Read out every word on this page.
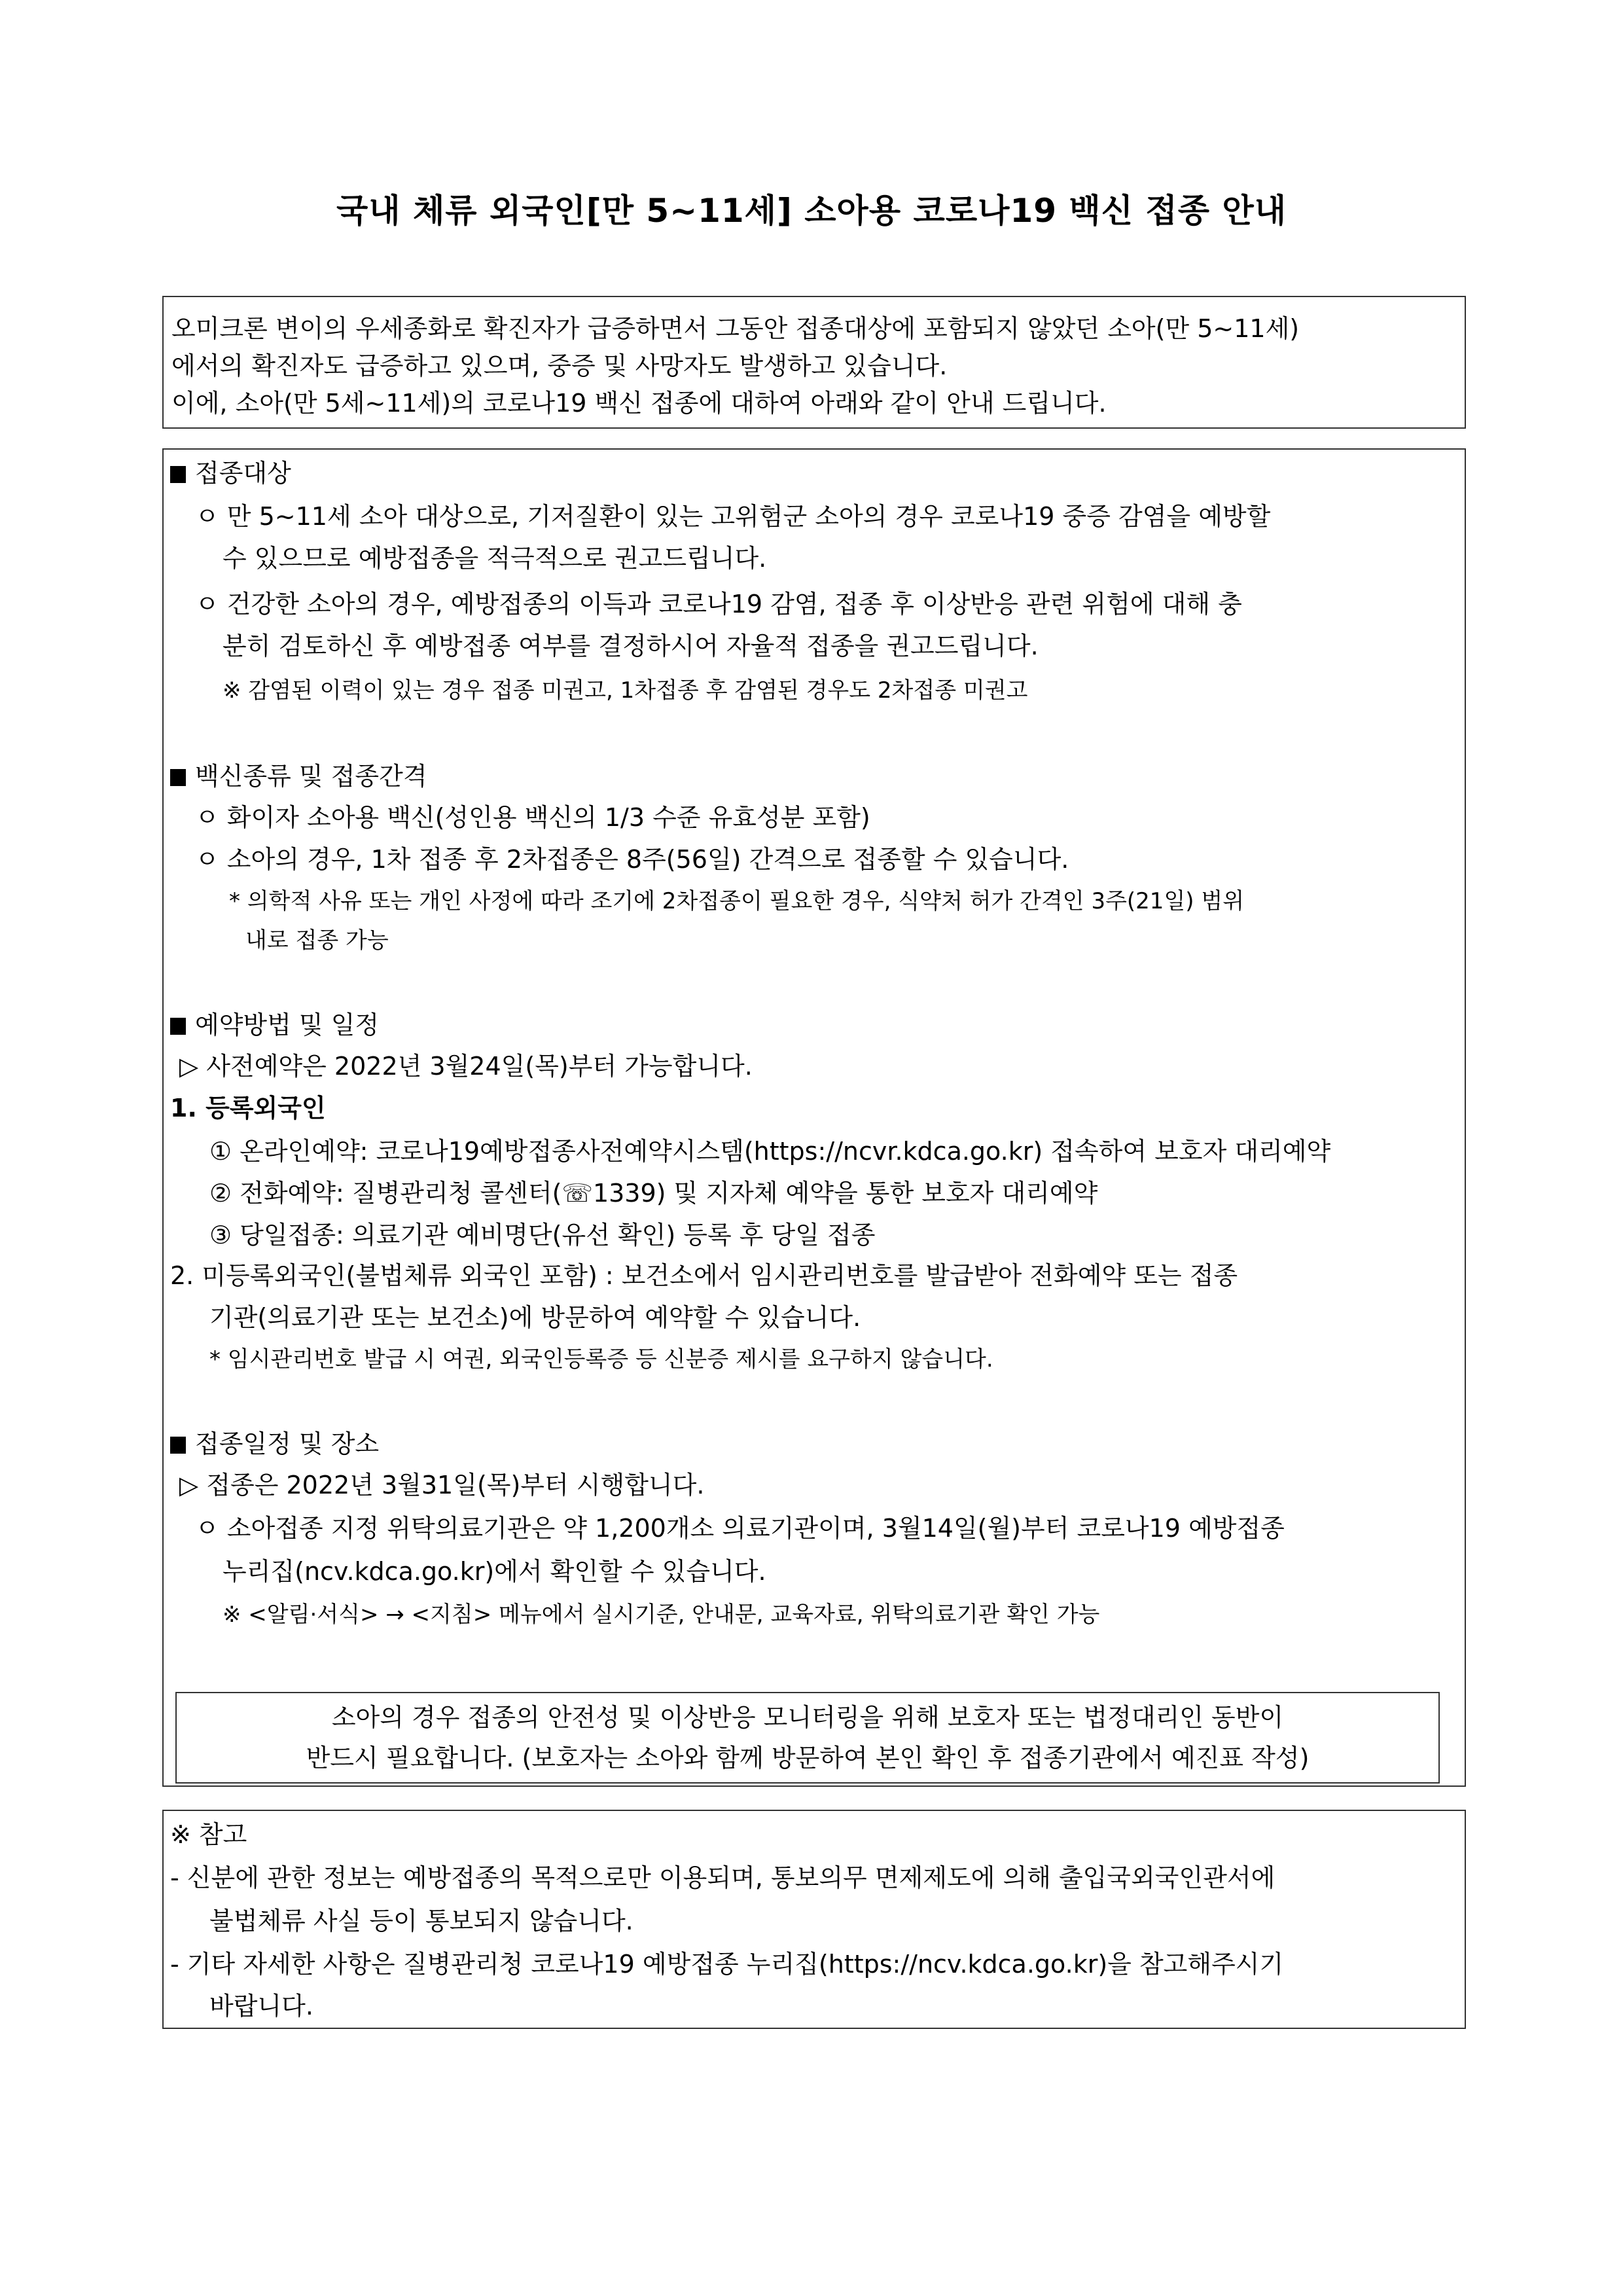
국내 체류 외국인[만 5~11세] 소아용 코로나19 백신 접종 안내

오미크론 변이의 우세종화로 확진자가 급증하면서 그동안 접종대상에 포함되지 않았던 소아(만 5~11세)

에서의 확진자도 급증하고 있으며, 중증 및 사망자도 발생하고 있습니다.

이에, 소아(만 5세~11세)의 코로나19 백신 접종에 대하여 아래와 같이 안내 드립니다.

접종대상
ㅇ 만 5~11세 소아 대상으로, 기저질환이 있는 고위험군 소아의 경우 코로나19 중증 감염을 예방할
수 있으므로 예방접종을 적극적으로 권고드립니다.
ㅇ 건강한 소아의 경우, 예방접종의 이득과 코로나19 감염, 접종 후 이상반응 관련 위험에 대해 충
분히 검토하신 후 예방접종 여부를 결정하시어 자율적 접종을 권고드립니다.
※ 감염된 이력이 있는 경우 접종 미권고, 1차접종 후 감염된 경우도 2차접종 미권고
백신종류 및 접종간격
ㅇ 화이자 소아용 백신(성인용 백신의 1/3 수준 유효성분 포함)
ㅇ 소아의 경우, 1차 접종 후 2차접종은 8주(56일) 간격으로 접종할 수 있습니다.
* 의학적 사유 또는 개인 사정에 따라 조기에 2차접종이 필요한 경우, 식약처 허가 간격인 3주(21일) 범위
내로 접종 가능
예약방법 및 일정
▷ 사전예약은 2022년 3월24일(목)부터 가능합니다.
1. 등록외국인
① 온라인예약: 코로나19예방접종사전예약시스템(https://ncvr.kdca.go.kr) 접속하여 보호자 대리예약
② 전화예약: 질병관리청 콜센터(☏1339) 및 지자체 예약을 통한 보호자 대리예약
③ 당일접종: 의료기관 예비명단(유선 확인) 등록 후 당일 접종
2. 미등록외국인(불법체류 외국인 포함) : 보건소에서 임시관리번호를 발급받아 전화예약 또는 접종
기관(의료기관 또는 보건소)에 방문하여 예약할 수 있습니다.
* 임시관리번호 발급 시 여권, 외국인등록증 등 신분증 제시를 요구하지 않습니다.
접종일정 및 장소
▷ 접종은 2022년 3월31일(목)부터 시행합니다.
ㅇ 소아접종 지정 위탁의료기관은 약 1,200개소 의료기관이며, 3월14일(월)부터 코로나19 예방접종
누리집(ncv.kdca.go.kr)에서 확인할 수 있습니다.
※ <알림·서식> → <지침> 메뉴에서 실시기준, 안내문, 교육자료, 위탁의료기관 확인 가능
소아의 경우 접종의 안전성 및 이상반응 모니터링을 위해 보호자 또는 법정대리인 동반이
반드시 필요합니다. (보호자는 소아와 함께 방문하여 본인 확인 후 접종기관에서 예진표 작성)
※ 참고
- 신분에 관한 정보는 예방접종의 목적으로만 이용되며, 통보의무 면제제도에 의해 출입국외국인관서에
불법체류 사실 등이 통보되지 않습니다.
- 기타 자세한 사항은 질병관리청 코로나19 예방접종 누리집(https://ncv.kdca.go.kr)을 참고해주시기
바랍니다.
